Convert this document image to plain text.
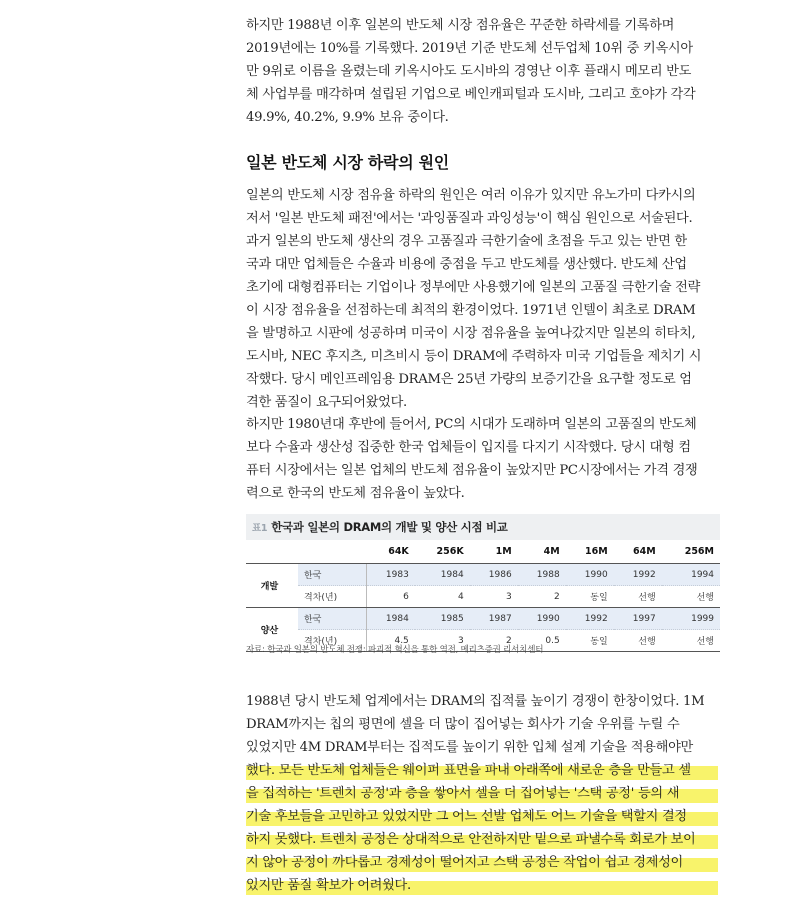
하지만 1988년 이후 일본의 반도체 시장 점유율은 꾸준한 하락세를 기록하며
2019년에는 10%를 기록했다. 2019년 기준 반도체 선두업체 10위 중 키옥시아
만 9위로 이름을 올렸는데 키옥시아도 도시바의 경영난 이후 플래시 메모리 반도
체 사업부를 매각하며 설립된 기업으로 베인캐피털과 도시바, 그리고 호야가 각각
49.9%, 40.2%, 9.9% 보유 중이다.

일본 반도체 시장 하락의 원인

일본의 반도체 시장 점유율 하락의 원인은 여러 이유가 있지만 유노가미 다카시의
저서 '일본 반도체 패전'에서는 '과잉품질과 과잉성능'이 핵심 원인으로 서술된다.
과거 일본의 반도체 생산의 경우 고품질과 극한기술에 초점을 두고 있는 반면 한
국과 대만 업체들은 수율과 비용에 중점을 두고 반도체를 생산했다. 반도체 산업
초기에 대형컴퓨터는 기업이나 정부에만 사용했기에 일본의 고품질 극한기술 전략
이 시장 점유율을 선점하는데 최적의 환경이었다. 1971년 인텔이 최초로 DRAM
을 발명하고 시판에 성공하며 미국이 시장 점유율을 높여나갔지만 일본의 히타치,
도시바, NEC 후지츠, 미츠비시 등이 DRAM에 주력하자 미국 기업들을 제치기 시
작했다. 당시 메인프레임용 DRAM은 25년 가량의 보증기간을 요구할 정도로 엄
격한 품질이 요구되어왔었다.

하지만 1980년대 후반에 들어서, PC의 시대가 도래하며 일본의 고품질의 반도체
보다 수율과 생산성 집중한 한국 업체들이 입지를 다지기 시작했다. 당시 대형 컴
퓨터 시장에서는 일본 업체의 반도체 점유율이 높았지만 PC시장에서는 가격 경쟁
력으로 한국의 반도체 점유율이 높았다.

표1 한국과 일본의 DRAM의 개발 및 양산 시점 비교
		64K	256K	1M	4M	16M	64M	256M
개발	한국	1983	1984	1986	1988	1990	1992	1994
	격차(년)	6	4	3	2	동일	선행	선행
양산	한국	1984	1985	1987	1990	1992	1997	1999
	격차(년)	4.5	3	2	0.5	동일	선행	선행
자료: 한국과 일본의 반도체 전쟁: 파괴적 혁신을 통한 역전, 메리츠증권 리서치센터

1988년 당시 반도체 업계에서는 DRAM의 집적률 높이기 경쟁이 한창이었다. 1M
DRAM까지는 칩의 평면에 셀을 더 많이 집어넣는 회사가 기술 우위를 누릴 수
있었지만 4M DRAM부터는 집적도를 높이기 위한 입체 설계 기술을 적용해야만
했다. 모든 반도체 업체들은 웨이퍼 표면을 파내 아래쪽에 새로운 층을 만들고 셀
을 집적하는 '트렌치 공정'과 층을 쌓아서 셀을 더 집어넣는 '스택 공정' 등의 새
기술 후보들을 고민하고 있었지만 그 어느 선발 업체도 어느 기술을 택할지 결정
하지 못했다. 트렌치 공정은 상대적으로 안전하지만 밑으로 파낼수록 회로가 보이
지 않아 공정이 까다롭고 경제성이 떨어지고 스택 공정은 작업이 쉽고 경제성이
있지만 품질 확보가 어려웠다.
